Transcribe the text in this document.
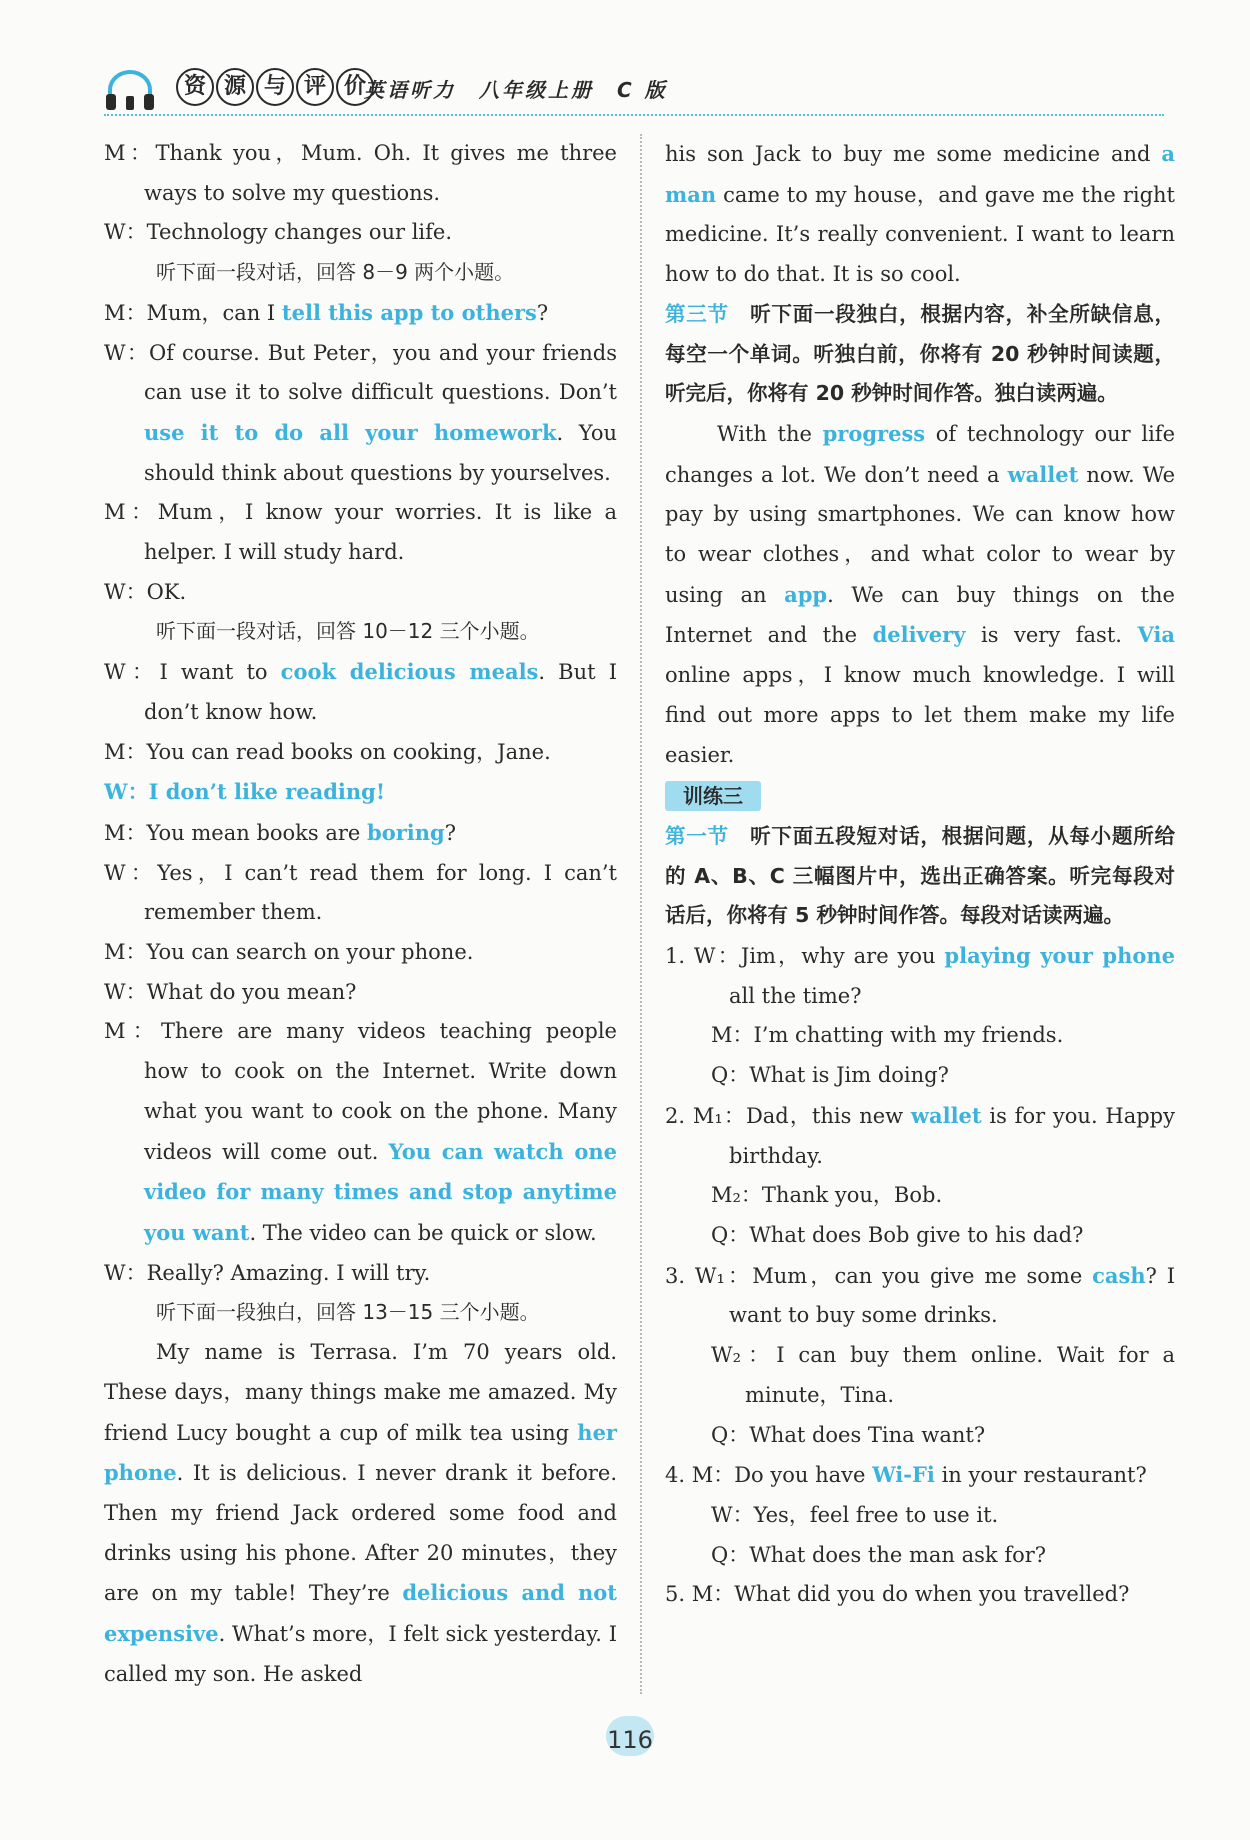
资 源 与 评 价
英语听力　八年级上册　C 版

M：Thank you，Mum. Oh. It gives me three ways to solve my questions.

W：Technology changes our life.

听下面一段对话，回答 8－9 两个小题。

M：Mum，can I tell this app to others?

W：Of course. But Peter，you and your friends can use it to solve difficult questions. Don’t use it to do all your homework. You should think about questions by yourselves.

M：Mum，I know your worries. It is like a helper. I will study hard.

W：OK.

听下面一段对话，回答 10－12 三个小题。

W：I want to cook delicious meals. But I don’t know how.

M：You can read books on cooking，Jane.

W：I don’t like reading!

M：You mean books are boring?

W：Yes，I can’t read them for long. I can’t remember them.

M：You can search on your phone.

W：What do you mean?

M：There are many videos teaching people how to cook on the Internet. Write down what you want to cook on the phone. Many videos will come out. You can watch one video for many times and stop anytime you want. The video can be quick or slow.

W：Really? Amazing. I will try.

听下面一段独白，回答 13－15 三个小题。

My name is Terrasa. I’m 70 years old. These days，many things make me amazed. My friend Lucy bought a cup of milk tea using her phone. It is delicious. I never drank it before. Then my friend Jack ordered some food and drinks using his phone. After 20 minutes，they are on my table! They’re delicious and not expensive. What’s more，I felt sick yesterday. I called my son. He asked

his son Jack to buy me some medicine and a man came to my house，and gave me the right medicine. It’s really convenient. I want to learn how to do that. It is so cool.

第三节　听下面一段独白，根据内容，补全所缺信息，每空一个单词。听独白前，你将有 20 秒钟时间读题，听完后，你将有 20 秒钟时间作答。独白读两遍。

With the progress of technology our life changes a lot. We don’t need a wallet now. We pay by using smartphones. We can know how to wear clothes，and what color to wear by using an app. We can buy things on the Internet and the delivery is very fast. Via online apps，I know much knowledge. I will find out more apps to let them make my life easier.

训练三

第一节　听下面五段短对话，根据问题，从每小题所给的 A、B、C 三幅图片中，选出正确答案。听完每段对话后，你将有 5 秒钟时间作答。每段对话读两遍。

1. W：Jim，why are you playing your phone all the time?

M：I’m chatting with my friends.

Q：What is Jim doing?

2. M₁：Dad，this new wallet is for you. Happy birthday.

M₂：Thank you，Bob.

Q：What does Bob give to his dad?

3. W₁：Mum，can you give me some cash? I want to buy some drinks.

W₂：I can buy them online. Wait for a minute，Tina.

Q：What does Tina want?

4. M：Do you have Wi-Fi in your restaurant?

W：Yes，feel free to use it.

Q：What does the man ask for?

5. M：What did you do when you travelled?

116
